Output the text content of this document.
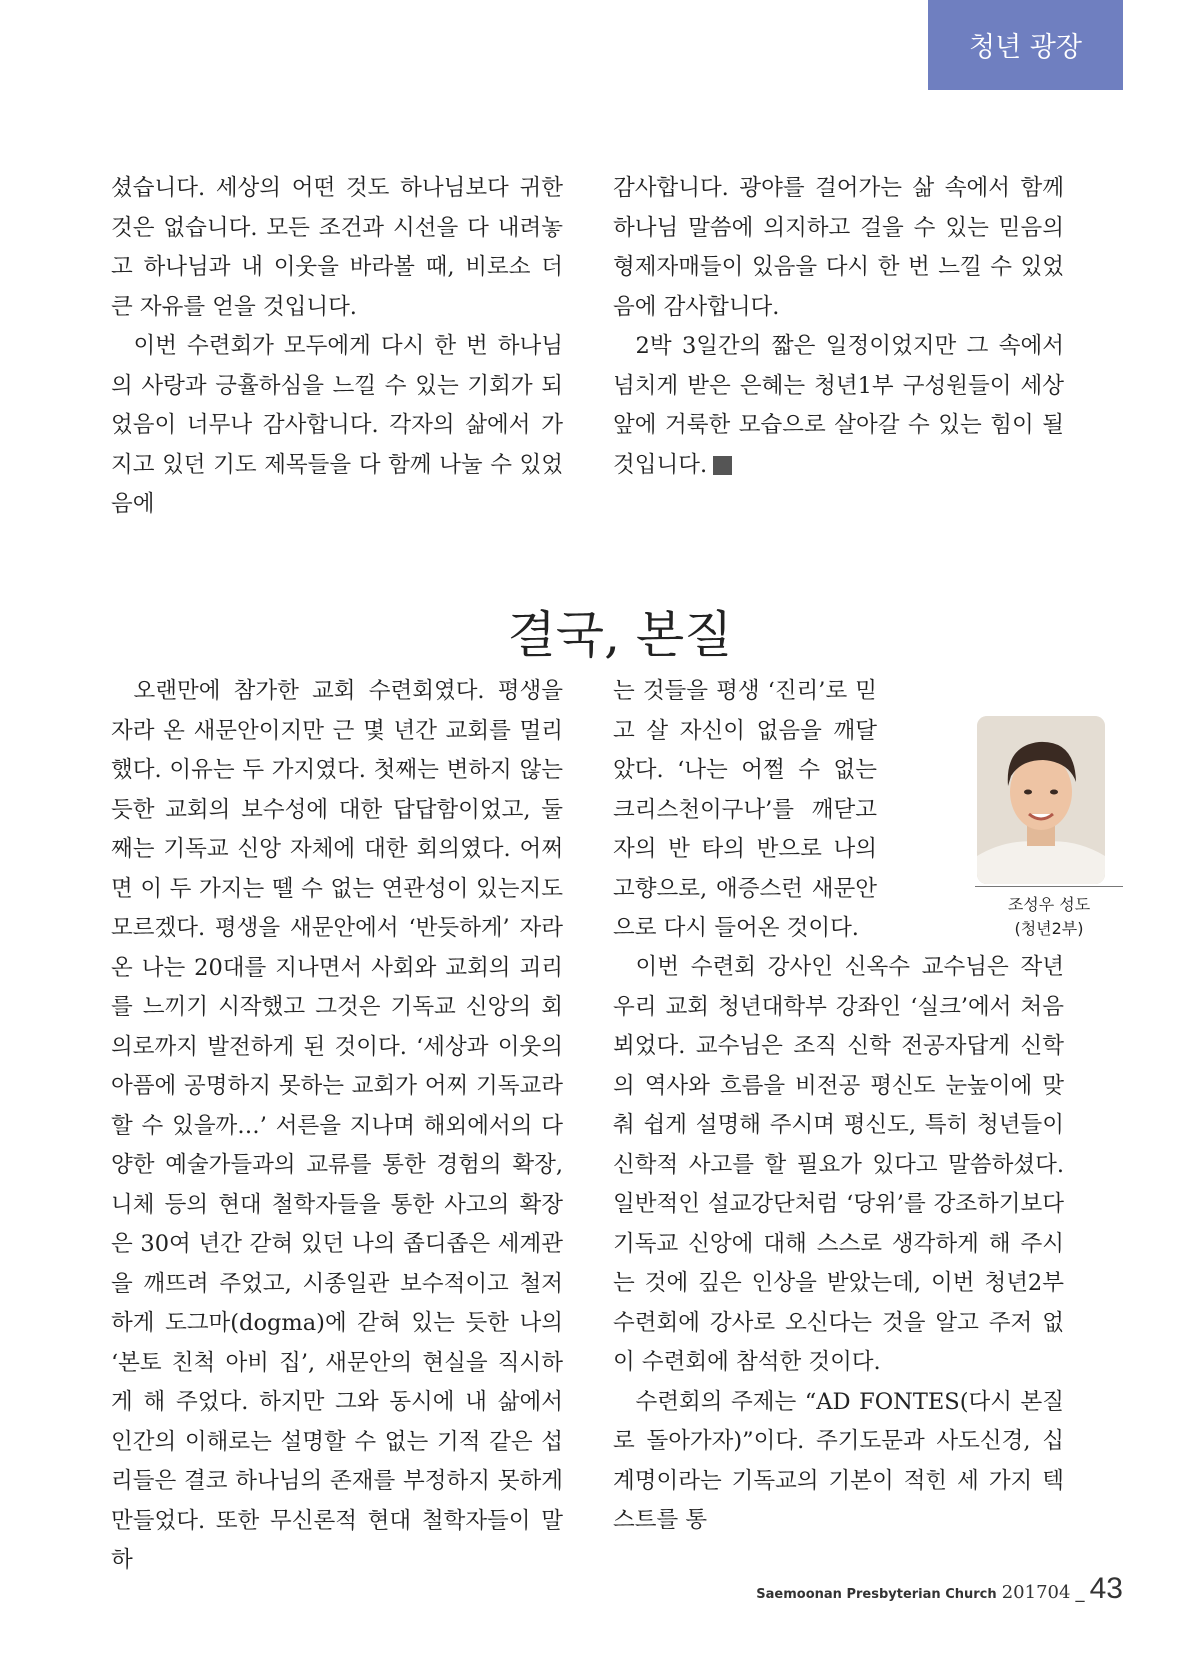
청년 광장

셨습니다. 세상의 어떤 것도 하나님보다 귀한 것은 없습니다. 모든 조건과 시선을 다 내려놓고 하나님과 내 이웃을 바라볼 때, 비로소 더 큰 자유를 얻을 것입니다.

이번 수련회가 모두에게 다시 한 번 하나님의 사랑과 긍휼하심을 느낄 수 있는 기회가 되었음이 너무나 감사합니다. 각자의 삶에서 가지고 있던 기도 제목들을 다 함께 나눌 수 있었음에

감사합니다. 광야를 걸어가는 삶 속에서 함께 하나님 말씀에 의지하고 걸을 수 있는 믿음의 형제자매들이 있음을 다시 한 번 느낄 수 있었음에 감사합니다.

2박 3일간의 짧은 일정이었지만 그 속에서 넘치게 받은 은혜는 청년1부 구성원들이 세상 앞에 거룩한 모습으로 살아갈 수 있는 힘이 될 것입니다. 새

결국, 본질

오랜만에 참가한 교회 수련회였다. 평생을 자라 온 새문안이지만 근 몇 년간 교회를 멀리했다. 이유는 두 가지였다. 첫째는 변하지 않는 듯한 교회의 보수성에 대한 답답함이었고, 둘째는 기독교 신앙 자체에 대한 회의였다. 어쩌면 이 두 가지는 뗄 수 없는 연관성이 있는지도 모르겠다. 평생을 새문안에서 ‘반듯하게’ 자라온 나는 20대를 지나면서 사회와 교회의 괴리를 느끼기 시작했고 그것은 기독교 신앙의 회의로까지 발전하게 된 것이다. ‘세상과 이웃의 아픔에 공명하지 못하는 교회가 어찌 기독교라 할 수 있을까…’ 서른을 지나며 해외에서의 다양한 예술가들과의 교류를 통한 경험의 확장, 니체 등의 현대 철학자들을 통한 사고의 확장은 30여 년간 갇혀 있던 나의 좁디좁은 세계관을 깨뜨려 주었고, 시종일관 보수적이고 철저하게 도그마(dogma)에 갇혀 있는 듯한 나의 ‘본토 친척 아비 집’, 새문안의 현실을 직시하게 해 주었다. 하지만 그와 동시에 내 삶에서 인간의 이해로는 설명할 수 없는 기적 같은 섭리들은 결코 하나님의 존재를 부정하지 못하게 만들었다. 또한 무신론적 현대 철학자들이 말하

는 것들을 평생 ‘진리’로 믿고 살 자신이 없음을 깨달았다. ‘나는 어쩔 수 없는 크리스천이구나’를 깨닫고 자의 반 타의 반으로 나의 고향으로, 애증스런 새문안으로 다시 들어온 것이다.

조성우 성도
(청년2부)

이번 수련회 강사인 신옥수 교수님은 작년 우리 교회 청년대학부 강좌인 ‘실크’에서 처음 뵈었다. 교수님은 조직 신학 전공자답게 신학의 역사와 흐름을 비전공 평신도 눈높이에 맞춰 쉽게 설명해 주시며 평신도, 특히 청년들이 신학적 사고를 할 필요가 있다고 말씀하셨다. 일반적인 설교강단처럼 ‘당위’를 강조하기보다 기독교 신앙에 대해 스스로 생각하게 해 주시는 것에 깊은 인상을 받았는데, 이번 청년2부 수련회에 강사로 오신다는 것을 알고 주저 없이 수련회에 참석한 것이다.

수련회의 주제는 “AD FONTES(다시 본질로 돌아가자)”이다. 주기도문과 사도신경, 십계명이라는 기독교의 기본이 적힌 세 가지 텍스트를 통

Saemoonan Presbyterian Church 201704 _ 43
